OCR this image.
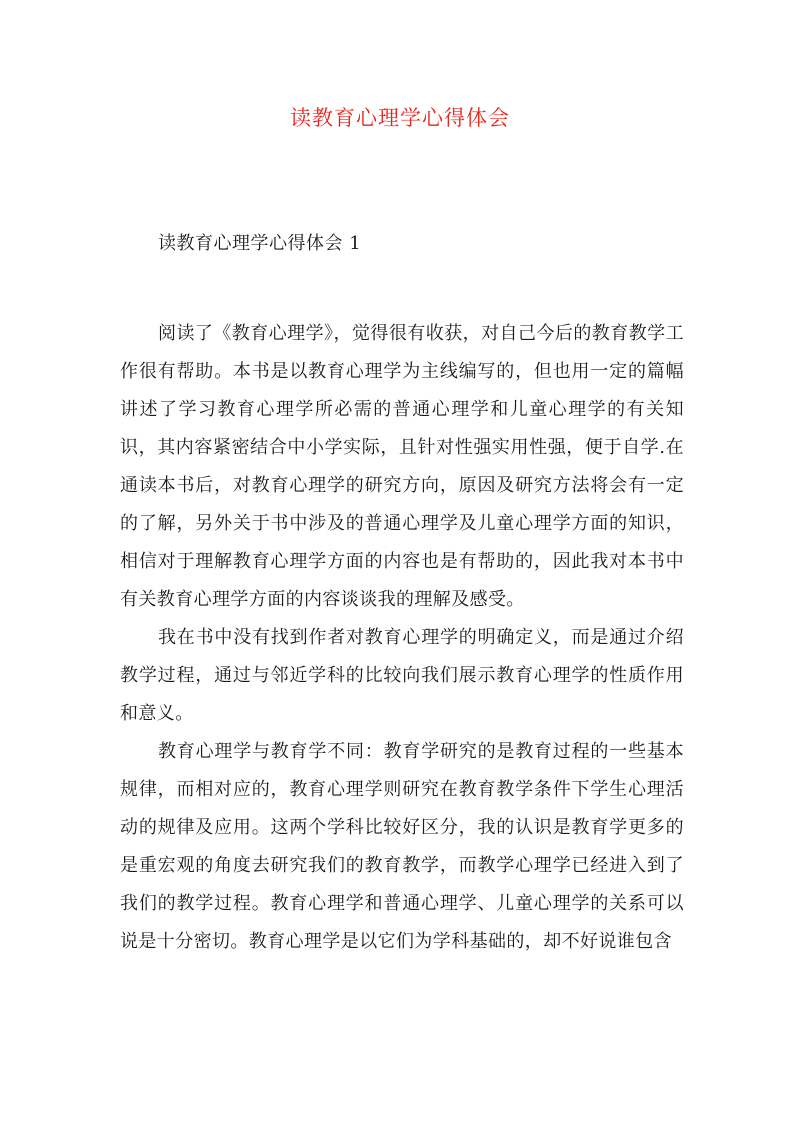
读教育心理学心得体会
读教育心理学心得体会 1

阅读了《教育心理学》，觉得很有收获，对自己今后的教育教学工作很有帮助。本书是以教育心理学为主线编写的，但也用一定的篇幅讲述了学习教育心理学所必需的普通心理学和儿童心理学的有关知识，其内容紧密结合中小学实际，且针对性强实用性强，便于自学.在通读本书后，对教育心理学的研究方向，原因及研究方法将会有一定的了解，另外关于书中涉及的普通心理学及儿童心理学方面的知识，相信对于理解教育心理学方面的内容也是有帮助的，因此我对本书中有关教育心理学方面的内容谈谈我的理解及感受。

我在书中没有找到作者对教育心理学的明确定义，而是通过介绍教学过程，通过与邻近学科的比较向我们展示教育心理学的性质作用和意义。

教育心理学与教育学不同：教育学研究的是教育过程的一些基本规律，而相对应的，教育心理学则研究在教育教学条件下学生心理活动的规律及应用。这两个学科比较好区分，我的认识是教育学更多的是重宏观的角度去研究我们的教育教学，而教学心理学已经进入到了我们的教学过程。教育心理学和普通心理学、儿童心理学的关系可以说是十分密切。教育心理学是以它们为学科基础的，却不好说谁包含
